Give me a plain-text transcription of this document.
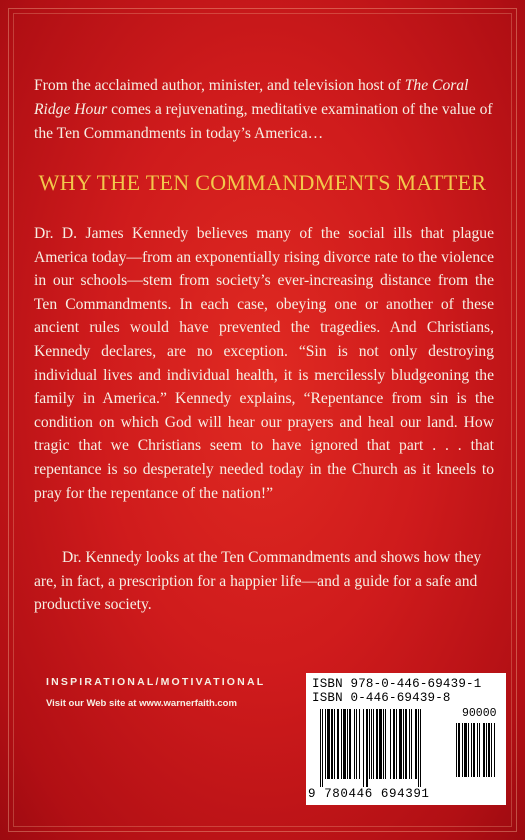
From the acclaimed author, minister, and television host of The Coral Ridge Hour comes a rejuvenating, meditative examination of the value of the Ten Commandments in today’s America…

WHY THE TEN COMMANDMENTS MATTER

Dr. D. James Kennedy believes many of the social ills that plague America today—from an exponentially rising divorce rate to the violence in our schools—stem from society’s ever-increasing distance from the Ten Commandments. In each case, obeying one or another of these ancient rules would have prevented the tragedies. And Christians, Kennedy declares, are no exception. “Sin is not only destroying individual lives and individual health, it is mercilessly bludgeoning the family in America.” Kennedy explains, “Repentance from sin is the condition on which God will hear our prayers and heal our land. How tragic that we Christians seem to have ignored that part . . . that repentance is so desperately needed today in the Church as it kneels to pray for the repentance of the nation!”

Dr. Kennedy looks at the Ten Commandments and shows how they are, in fact, a prescription for a happier life—and a guide for a safe and productive society.

INSPIRATIONAL/MOTIVATIONAL
Visit our Web site at www.warnerfaith.com
ISBN 978-0-446-69439-1
ISBN 0-446-69439-8
90000
9 780446 694391
